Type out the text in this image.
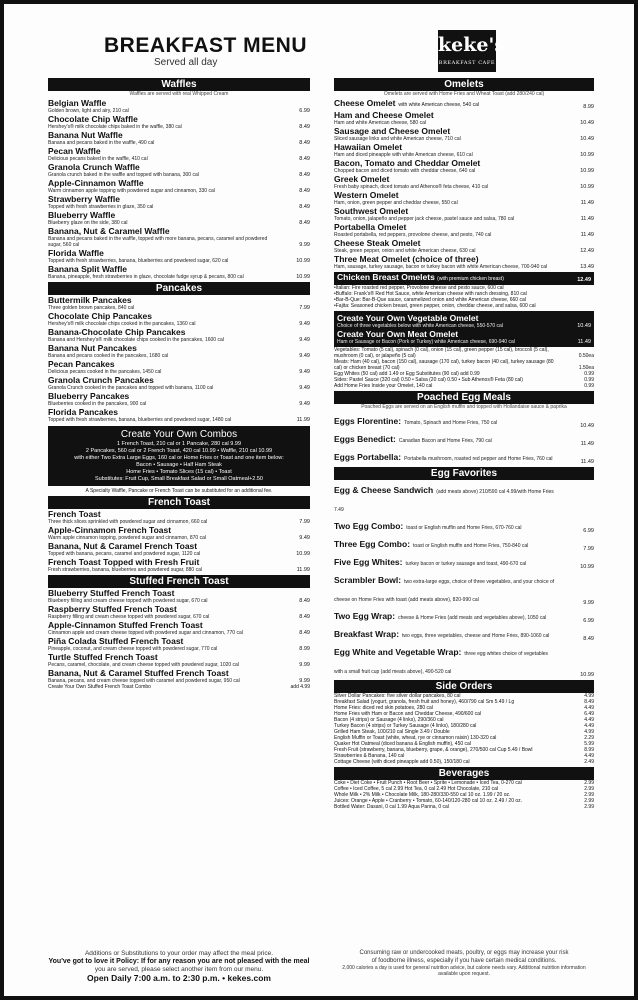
BREAKFAST MENU
Served all day
keke's
BREAKFAST CAFE
Waffles
Waffles are served with real Whipped Cream
Belgian Waffle
Golden brown, light and airy, 210 cal	6.99
Chocolate Chip Waffle
Hershey's® milk chocolate chips baked in the waffle, 380 cal	8.49
Banana Nut Waffle
Banana and pecans baked in the waffle, 490 cal	8.49
Pecan Waffle
Delicious pecans baked in the waffle, 410 cal	8.49
Granola Crunch Waffle
Granola crunch baked in the waffle and topped with banana, 300 cal	8.49
Apple-Cinnamon Waffle
Warm cinnamon apple topping with powdered sugar and cinnamon, 330 cal	8.49
Strawberry Waffle
Topped with fresh strawberries in glaze, 350 cal	8.49
Blueberry Waffle
Blueberry glaze on the side, 380 cal	8.49
Banana, Nut & Caramel Waffle
Banana and pecans baked in the waffle, topped with more banana, pecans, caramel and powdered sugar, 560 cal	9.99
Florida Waffle
Topped with fresh strawberries, banana, blueberries and powdered sugar, 620 cal	10.99
Banana Split Waffle
Banana, pineapple, fresh strawberries in glaze, chocolate fudge syrup & pecans, 800 cal	10.99
Pancakes
Buttermilk Pancakes
Three golden brown pancakes, 840 cal	7.99
Chocolate Chip Pancakes
Hershey's® milk chocolate chips cooked in the pancakes, 1360 cal	9.49
Banana-Chocolate Chip Pancakes
Banana and Hershey's® milk chocolate chips cooked in the pancakes, 1600 cal	9.49
Banana Nut Pancakes
Banana and pecans cooked in the pancakes, 1680 cal	9.49
Pecan Pancakes
Delicious pecans cooked in the pancakes, 1450 cal	9.49
Granola Crunch Pancakes
Granola Crunch cooked in the pancakes and topped with banana, 1100 cal	9.49
Blueberry Pancakes
Blueberries cooked in the pancakes, 900 cal	9.49
Florida Pancakes
Topped with fresh strawberries, banana, blueberries and powdered sugar, 1480 cal	11.99
Create Your Own Combos
1 French Toast, 210 cal or 1 Pancake, 280 cal 9.99
2 Pancakes, 560 cal or 2 French Toast, 420 cal 10.99 • Waffle, 210 cal 10.99
with either Two Extra Large Eggs, 160 cal or Home Fries or Toast and one item below:
Bacon • Sausage • Half Ham Steak
Home Fries • Tomato Slices (15 cal) • Toast
Substitutes: Fruit Cup, Small Breakfast Salad or Small Oatmeal+2.50
A Specialty Waffle, Pancake or French Toast can be substituted for an additional fee.
French Toast
French Toast
Three thick slices sprinkled with powdered sugar and cinnamon, 660 cal	7.99
Apple-Cinnamon French Toast
Warm apple cinnamon topping, powdered sugar and cinnamon, 870 cal	9.49
Banana, Nut & Caramel French Toast
Topped with banana, pecans, caramel and powdered sugar, 1120 cal	10.99
French Toast Topped with Fresh Fruit
Fresh strawberries, banana, blueberries and powdered sugar, 880 cal	11.99
Stuffed French Toast
Blueberry Stuffed French Toast
Blueberry filling and cream cheese topped with powdered sugar, 670 cal	8.49
Raspberry Stuffed French Toast
Raspberry filling and cream cheese topped with powdered sugar, 670 cal	8.49
Apple-Cinnamon Stuffed French Toast
Cinnamon apple and cream cheese topped with powdered sugar and cinnamon, 770 cal	8.49
Piña Colada Stuffed French Toast
Pineapple, coconut, and cream cheese topped with powdered sugar, 770 cal	8.99
Turtle Stuffed French Toast
Pecans, caramel, chocolate, and cream cheese topped with powdered sugar, 1020 cal	9.99
Banana, Nut & Caramel Stuffed French Toast
Banana, pecans, and cream cheese topped with caramel and powdered sugar, 950 cal	9.99
Create Your Own Stuffed French Toast Combo	add 4.99
Omelets
Omelets are served with Home Fries and Wheat Toast (add 280/240 cal)
Cheese Omelet with white American cheese, 540 cal	8.99
Ham and Cheese Omelet
Ham and white American cheese, 580 cal	10.49
Sausage and Cheese Omelet
Sliced sausage links and white American cheese, 710 cal	10.49
Hawaiian Omelet
Ham and diced pineapple with white American cheese, 610 cal	10.99
Bacon, Tomato and Cheddar Omelet
Chopped bacon and diced tomato with cheddar cheese, 640 cal	10.99
Greek Omelet
Fresh baby spinach, diced tomato and Athenos® feta cheese, 410 cal	10.99
Western Omelet
Ham, onion, green pepper and cheddar cheese, 550 cal	11.49
Southwest Omelet
Tomato, onion, jalapeño and pepper jack cheese, pastel sauce and salsa, 780 cal	11.49
Portabella Omelet
Roasted portabella, red peppers, provolone cheese, and pesto, 740 cal	11.49
Cheese Steak Omelet
Steak, green pepper, onion and white American cheese, 630 cal	12.49
Three Meat Omelet (choice of three)
Ham, sausage, turkey sausage, bacon or turkey bacon with white American cheese, 700-940 cal	13.49
Chicken Breast Omelets (with premium chicken breast)	12.49
•Italian: Fire roasted red pepper, Provolone cheese and pesto sauce, 600 cal
•Buffalo: Frank's® Red Hot Sauce, white American cheese with ranch dressing, 810 cal
•Bar-B-Que: Bar-B-Que sauce, caramelized onion and white American cheese, 660 cal
•Fajita: Seasoned chicken breast, green pepper, onion, cheddar cheese, and salsa, 600 cal
Create Your Own Vegetable Omelet
Choice of three vegetables below with white American cheese, 550-570 cal	10.49
Create Your Own Meat Omelet
Ham or Sausage or Bacon (Pork or Turkey) white American cheese, 690-940 cal	11.49
Vegetables: Tomato (5 cal), spinach (0 cal), onion (15 cal), green pepper (15 cal), broccoli (5 cal), mushroom (0 cal), or jalapeño (5 cal)	0.50ea
Meats: Ham (40 cal), bacon (150 cal), sausage (170 cal), turkey bacon (40 cal), turkey sausage (80 cal) or chicken breast (70 cal)	1.50ea
Egg Whites (50 cal) add 1.49 or Egg Substitutes (90 cal) add 0.99	0.99
Sides: Pastel Sauce (320 cal) 0.50 • Salsa (20 cal) 0.50 • Sub Athenos® Feta (80 cal)	0.99
Add Home Fries Inside your Omelet, 140 cal	0.99
Poached Egg Meals
Poached Eggs are served on an English muffin and topped with Hollandaise sauce & paprika
Eggs Florentine: Tomato, Spinach and Home Fries, 750 cal	10.49
Eggs Benedict: Canadian Bacon and Home Fries, 790 cal	11.49
Eggs Portabella: Portabella mushroom, roasted red pepper and Home Fries, 760 cal	11.49
Egg Favorites
Egg & Cheese Sandwich (add meats above) 210/590 cal 4.99/with Home Fries 7.49
Two Egg Combo: toast or English muffin and Home Fries, 670-760 cal	6.99
Three Egg Combo: toast or English muffin and Home Fries, 750-840 cal	7.99
Five Egg Whites: turkey bacon or turkey sausage and toast, 490-670 cal	10.99
Scrambler Bowl: two extra-large eggs, choice of three vegetables, and your choice of cheese on Home Fries with toast (add meats above), 820-990 cal	9.99
Two Egg Wrap: cheese & Home Fries (add meats and vegetables above), 1050 cal	6.99
Breakfast Wrap: two eggs, three vegetables, cheese and Home Fries, 890-1060 cal	8.49
Egg White and Vegetable Wrap: three egg whites choice of vegetables with a small fruit cup (add meats above), 490-520 cal	10.99
Side Orders
Silver Dollar Pancakes: five silver dollar pancakes, 80 cal	4.99
Breakfast Salad (yogurt, granola, fresh fruit and honey), 460/790 cal Sm 5.49 / Lg	8.49
Home Fries: diced red skin potatoes, 280 cal	4.49
Home Fries with Ham or Bacon and Cheddar Cheese, 490/600 cal	6.49
Bacon (4 strips) or Sausage (4 links), 290/360 cal	4.49
Turkey Bacon (4 strips) or Turkey Sausage (4 links), 180/280 cal	4.49
Grilled Ham Steak, 100/210 cal Single 3.49 / Double	4.99
English Muffin or Toast (white, wheat, rye or cinnamon raisin) 130-320 cal	2.29
Quaker Hot Oatmeal (diced banana & English muffin), 450 cal	5.99
Fresh Fruit (strawberry, banana, blueberry, grape, & orange), 270/500 cal Cup 5.49 / Bowl	8.99
Strawberries & Banana, 140 cal	4.49
Cottage Cheese (with diced pineapple add 0.50), 150/180 cal	2.49
Beverages
Coke • Diet Coke • Fruit Punch • Root Beer • Sprite • Lemonade • Iced Tea, 0-270 cal	2.99
Coffee • Iced Coffee, 5 cal 2.99 Hot Tea, 0 cal 2.49 Hot Chocolate, 210 cal	2.99
Whole Milk • 2% Milk • Chocolate Milk, 180-280/330-550 cal 10 oz. 1.99 / 20 oz.	2.99
Juices: Orange • Apple • Cranberry • Tomato, 60-140/120-280 cal 10 oz. 2.49 / 20 oz.	2.99
Bottled Water: Dasani, 0 cal 1.99 Aqua Panna, 0 cal	2.99
Additions or Substitutions to your order may affect the meal price.
You've got to love it Policy: If for any reason you are not pleased with the meal
you are served, please select another item from our menu.
Open Daily 7:00 a.m. to 2:30 p.m. • kekes.com
Consuming raw or undercooked meats, poultry, or eggs may increase your risk
of foodborne illness, especially if you have certain medical conditions.
2,000 calories a day is used for general nutrition advice, but calorie needs vary. Additional nutrition information available upon request.
